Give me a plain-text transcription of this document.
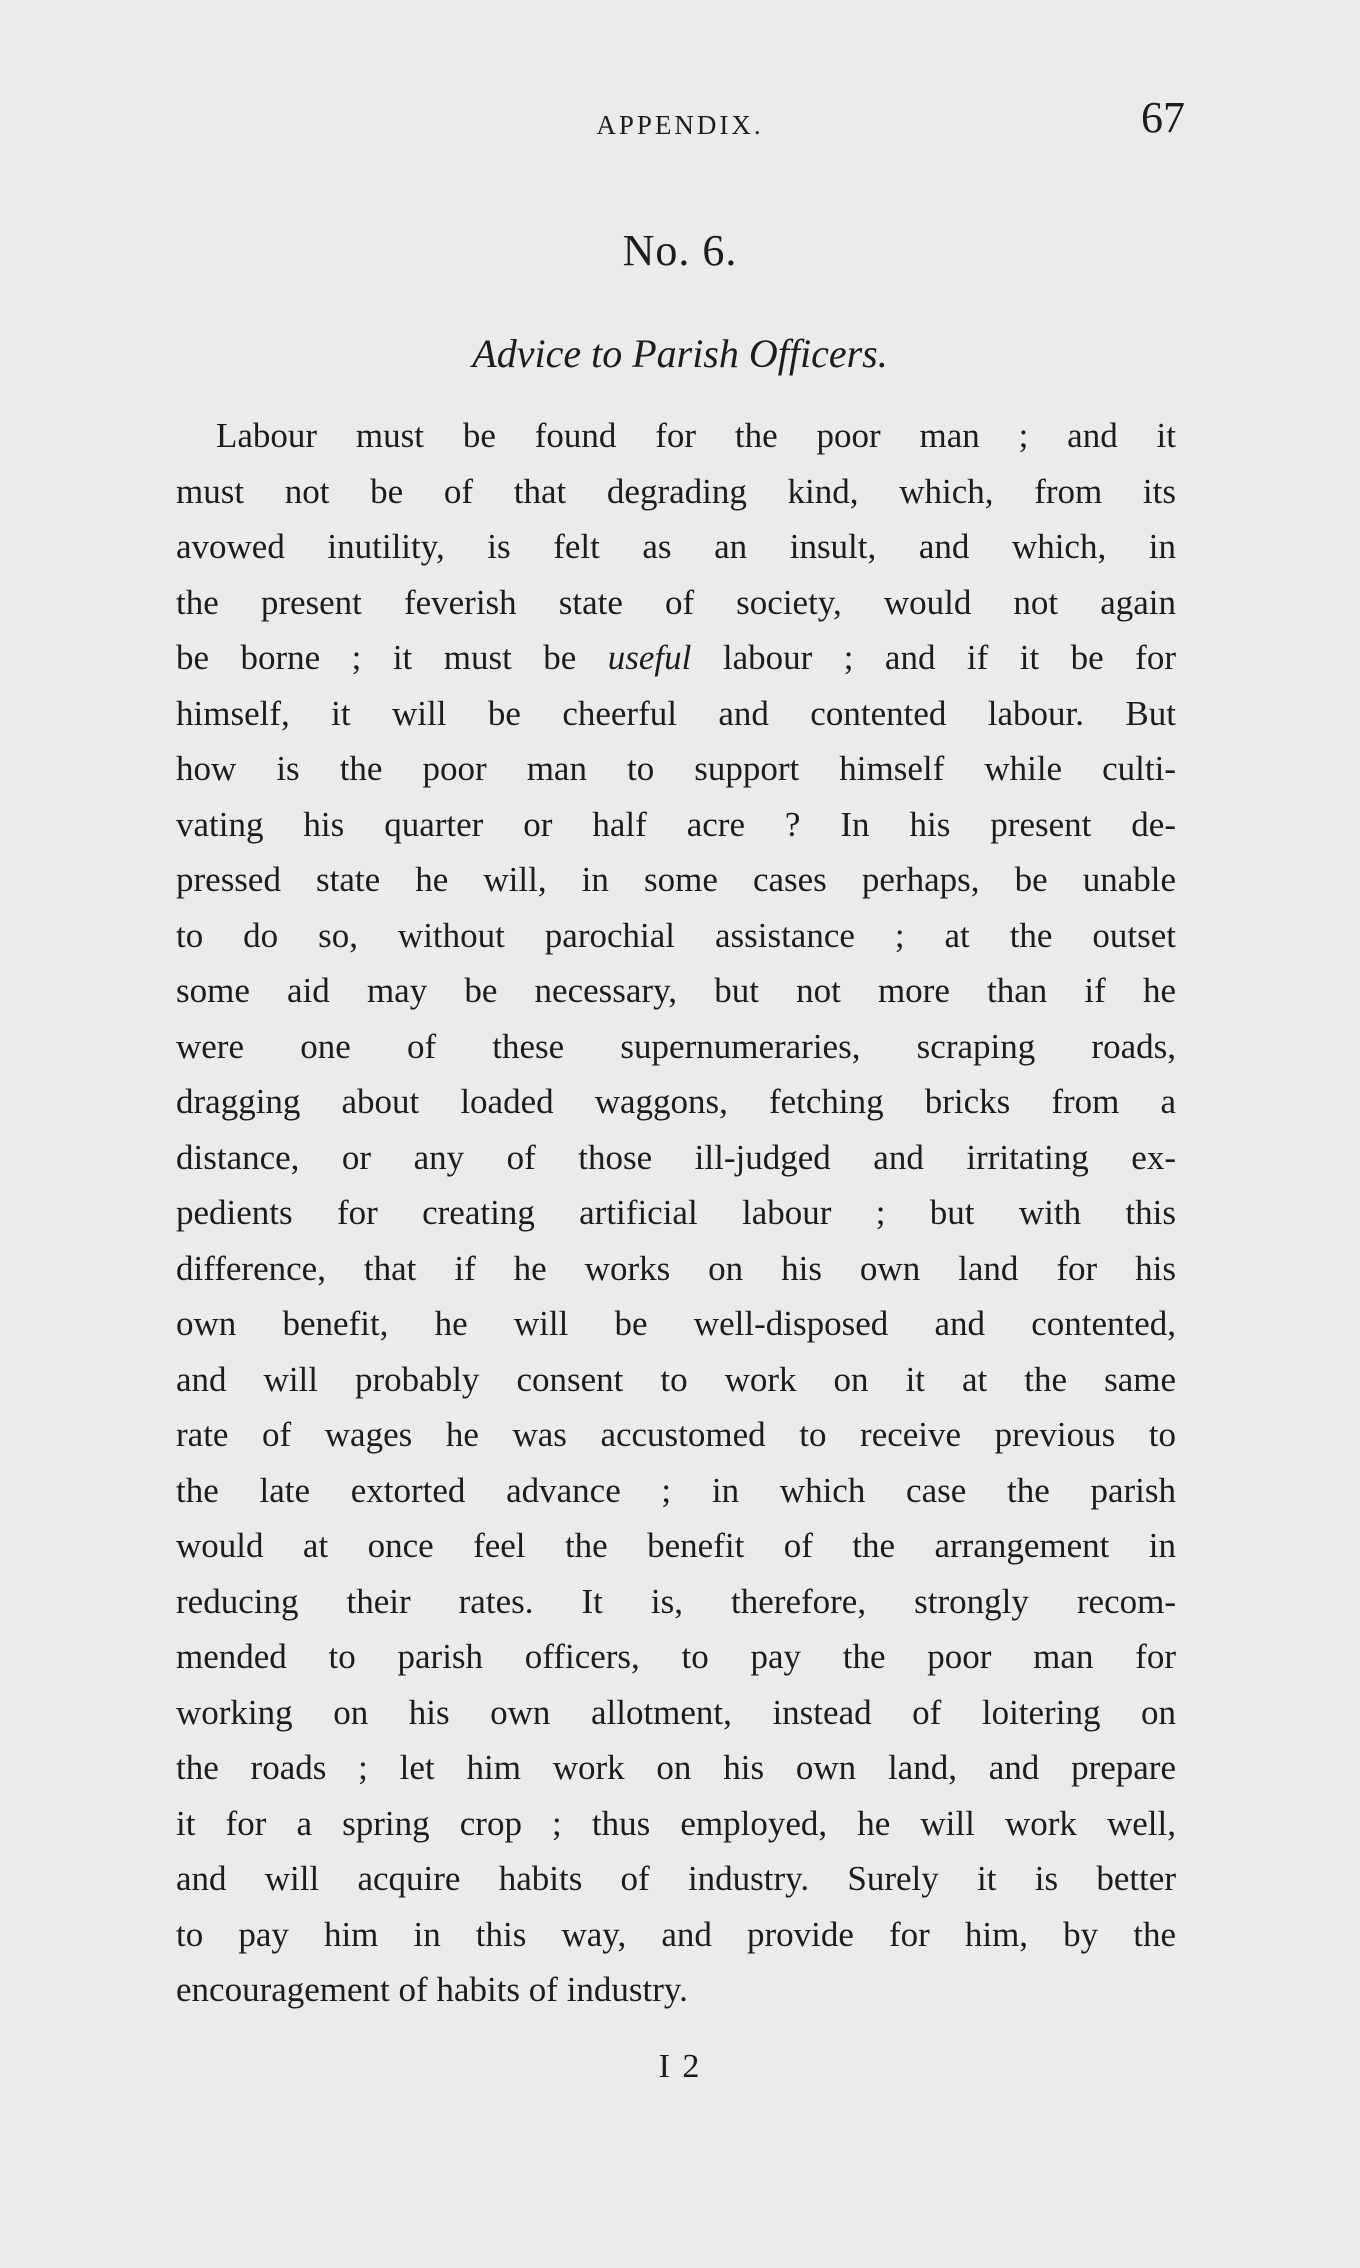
APPENDIX.	67
No. 6.
Advice to Parish Officers.
Labour must be found for the poor man ; and it
must not be of that degrading kind, which, from its
avowed inutility, is felt as an insult, and which, in
the present feverish state of society, would not again
be borne ; it must be useful labour ; and if it be for
himself, it will be cheerful and contented labour. But
how is the poor man to support himself while culti-
vating his quarter or half acre ? In his present de-
pressed state he will, in some cases perhaps, be unable
to do so, without parochial assistance ; at the outset
some aid may be necessary, but not more than if he
were one of these supernumeraries, scraping roads,
dragging about loaded waggons, fetching bricks from a
distance, or any of those ill-judged and irritating ex-
pedients for creating artificial labour ; but with this
difference, that if he works on his own land for his
own benefit, he will be well-disposed and contented,
and will probably consent to work on it at the same
rate of wages he was accustomed to receive previous to
the late extorted advance ; in which case the parish
would at once feel the benefit of the arrangement in
reducing their rates. It is, therefore, strongly recom-
mended to parish officers, to pay the poor man for
working on his own allotment, instead of loitering on
the roads ; let him work on his own land, and prepare
it for a spring crop ; thus employed, he will work well,
and will acquire habits of industry. Surely it is better
to pay him in this way, and provide for him, by the
encouragement of habits of industry.
I 2
